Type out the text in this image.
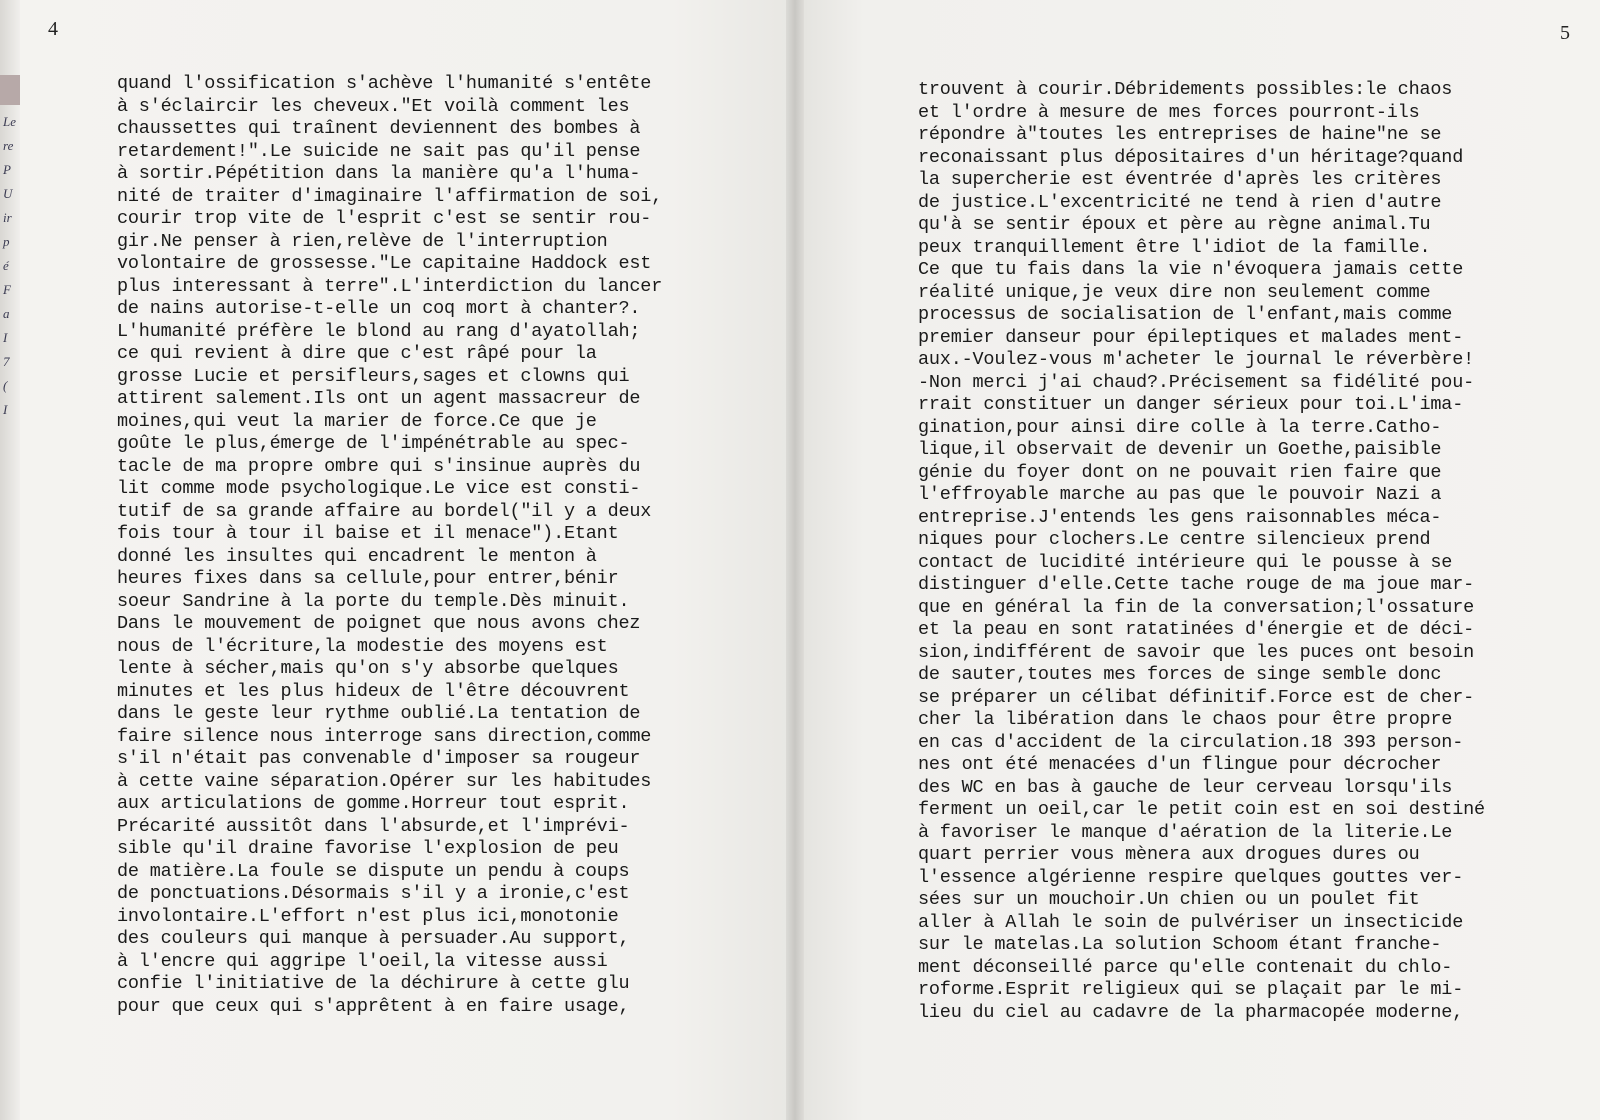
Le
re
P
U
ir
p
é
F
a
I
7
(
I
4
quand l'ossification s'achève l'humanité s'entête
à s'éclaircir les cheveux."Et voilà comment les
chaussettes qui traînent deviennent des bombes à
retardement!".Le suicide ne sait pas qu'il pense
à sortir.Pépétition dans la manière qu'a l'huma-
nité de traiter d'imaginaire l'affirmation de soi,
courir trop vite de l'esprit c'est se sentir rou-
gir.Ne penser à rien,relève de l'interruption
volontaire de grossesse."Le capitaine Haddock est
plus interessant à terre".L'interdiction du lancer
de nains autorise-t-elle un coq mort à chanter?.
L'humanité préfère le blond au rang d'ayatollah;
ce qui revient à dire que c'est râpé pour la
grosse Lucie et persifleurs,sages et clowns qui
attirent salement.Ils ont un agent massacreur de
moines,qui veut la marier de force.Ce que je
goûte le plus,émerge de l'impénétrable au spec-
tacle de ma propre ombre qui s'insinue auprès du
lit comme mode psychologique.Le vice est consti-
tutif de sa grande affaire au bordel("il y a deux
fois tour à tour il baise et il menace").Etant
donné les insultes qui encadrent le menton à
heures fixes dans sa cellule,pour entrer,bénir
soeur Sandrine à la porte du temple.Dès minuit.
Dans le mouvement de poignet que nous avons chez
nous de l'écriture,la modestie des moyens est
lente à sécher,mais qu'on s'y absorbe quelques
minutes et les plus hideux de l'être découvrent
dans le geste leur rythme oublié.La tentation de
faire silence nous interroge sans direction,comme
s'il n'était pas convenable d'imposer sa rougeur
à cette vaine séparation.Opérer sur les habitudes
aux articulations de gomme.Horreur tout esprit.
Précarité aussitôt dans l'absurde,et l'imprévi-
sible qu'il draine favorise l'explosion de peu
de matière.La foule se dispute un pendu à coups
de ponctuations.Désormais s'il y a ironie,c'est
involontaire.L'effort n'est plus ici,monotonie
des couleurs qui manque à persuader.Au support,
à l'encre qui aggripe l'oeil,la vitesse aussi
confie l'initiative de la déchirure à cette glu
pour que ceux qui s'apprêtent à en faire usage,
5
trouvent à courir.Débridements possibles:le chaos
et l'ordre à mesure de mes forces pourront-ils
répondre à"toutes les entreprises de haine"ne se
reconaissant plus dépositaires d'un héritage?quand
la supercherie est éventrée d'après les critères
de justice.L'excentricité ne tend à rien d'autre
qu'à se sentir époux et père au règne animal.Tu
peux tranquillement être l'idiot de la famille.
Ce que tu fais dans la vie n'évoquera jamais cette
réalité unique,je veux dire non seulement comme
processus de socialisation de l'enfant,mais comme
premier danseur pour épileptiques et malades ment-
aux.-Voulez-vous m'acheter le journal le réverbère!
-Non merci j'ai chaud?.Précisement sa fidélité pou-
rrait constituer un danger sérieux pour toi.L'ima-
gination,pour ainsi dire colle à la terre.Catho-
lique,il observait de devenir un Goethe,paisible
génie du foyer dont on ne pouvait rien faire que
l'effroyable marche au pas que le pouvoir Nazi a
entreprise.J'entends les gens raisonnables méca-
niques pour clochers.Le centre silencieux prend
contact de lucidité intérieure qui le pousse à se
distinguer d'elle.Cette tache rouge de ma joue mar-
que en général la fin de la conversation;l'ossature
et la peau en sont ratatinées d'énergie et de déci-
sion,indifférent de savoir que les puces ont besoin
de sauter,toutes mes forces de singe semble donc
se préparer un célibat définitif.Force est de cher-
cher la libération dans le chaos pour être propre
en cas d'accident de la circulation.18 393 person-
nes ont été menacées d'un flingue pour décrocher
des WC en bas à gauche de leur cerveau lorsqu'ils
ferment un oeil,car le petit coin est en soi destiné
à favoriser le manque d'aération de la literie.Le
quart perrier vous mènera aux drogues dures ou
l'essence algérienne respire quelques gouttes ver-
sées sur un mouchoir.Un chien ou un poulet fit
aller à Allah le soin de pulvériser un insecticide
sur le matelas.La solution Schoom étant franche-
ment déconseillé parce qu'elle contenait du chlo-
roforme.Esprit religieux qui se plaçait par le mi-
lieu du ciel au cadavre de la pharmacopée moderne,
